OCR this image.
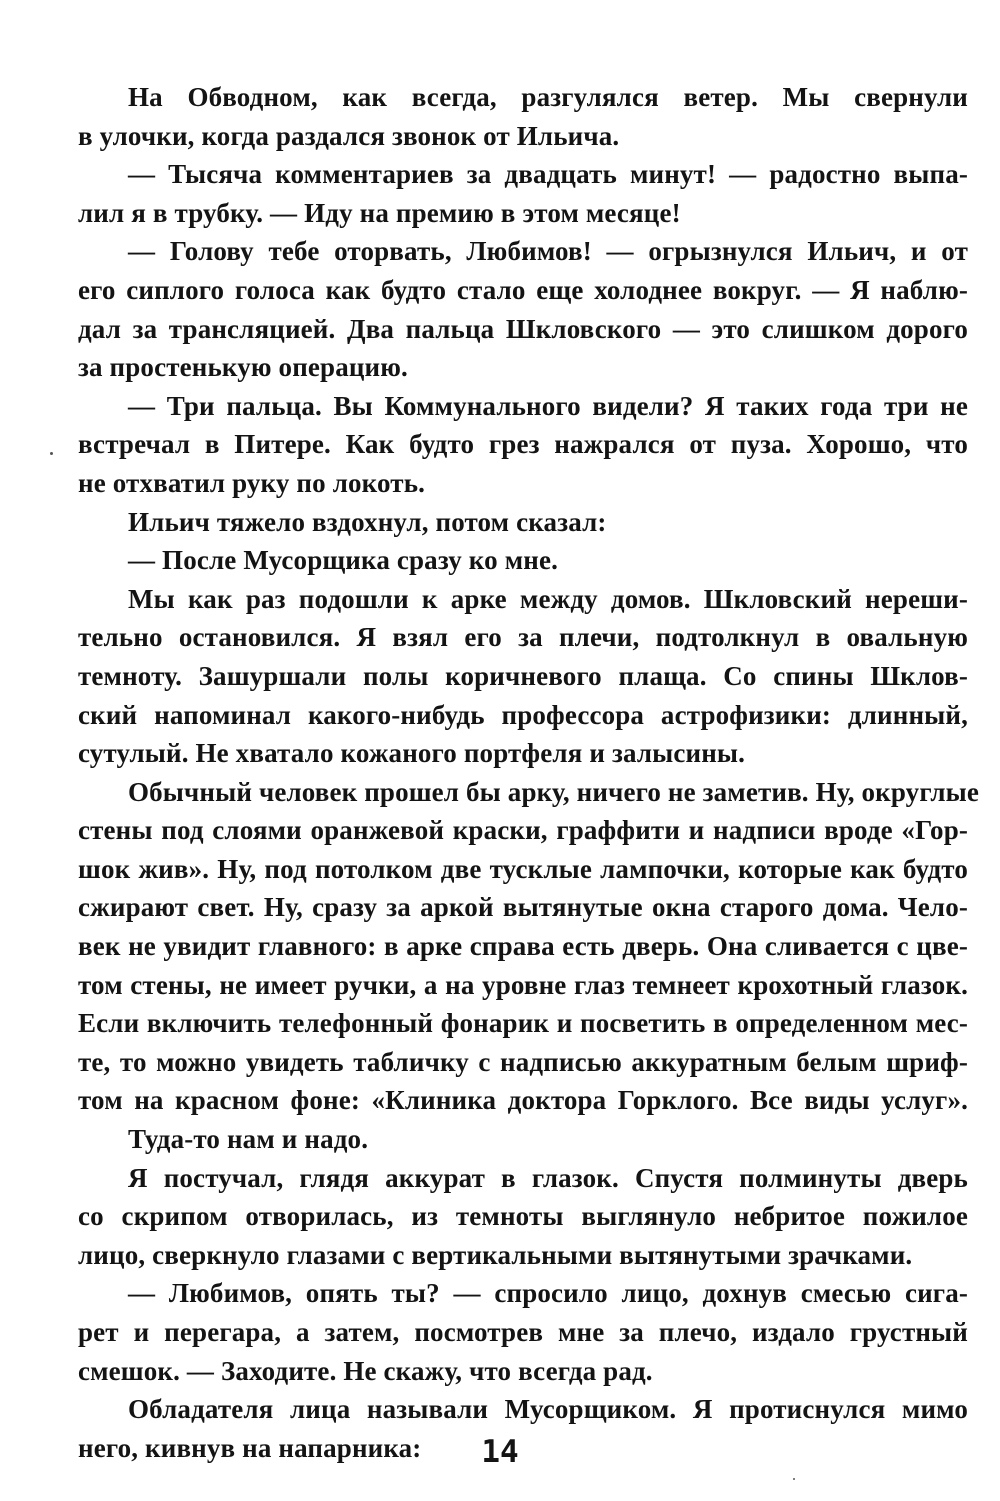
На Обводном, как всегда, разгулялся ветер. Мы свернули
в улочки, когда раздался звонок от Ильича.
— Тысяча комментариев за двадцать минут! — радостно выпа-
лил я в трубку. — Иду на премию в этом месяце!
— Голову тебе оторвать, Любимов! — огрызнулся Ильич, и от
его сиплого голоса как будто стало еще холоднее вокруг. — Я наблю-
дал за трансляцией. Два пальца Шкловского — это слишком дорого
за простенькую операцию.
— Три пальца. Вы Коммунального видели? Я таких года три не
встречал в Питере. Как будто грез нажрался от пуза. Хорошо, что
не отхватил руку по локоть.
Ильич тяжело вздохнул, потом сказал:
— После Мусорщика сразу ко мне.
Мы как раз подошли к арке между домов. Шкловский нереши-
тельно остановился. Я взял его за плечи, подтолкнул в овальную
темноту. Зашуршали полы коричневого плаща. Со спины Шклов-
ский напоминал какого-нибудь профессора астрофизики: длинный,
сутулый. Не хватало кожаного портфеля и залысины.
Обычный человек прошел бы арку, ничего не заметив. Ну, округлые
стены под слоями оранжевой краски, граффити и надписи вроде «Гор-
шок жив». Ну, под потолком две тусклые лампочки, которые как будто
сжирают свет. Ну, сразу за аркой вытянутые окна старого дома. Чело-
век не увидит главного: в арке справа есть дверь. Она сливается с цве-
том стены, не имеет ручки, а на уровне глаз темнеет крохотный глазок.
Если включить телефонный фонарик и посветить в определенном мес-
те, то можно увидеть табличку с надписью аккуратным белым шриф-
том на красном фоне: «Клиника доктора Горклого. Все виды услуг».
Туда-то нам и надо.
Я постучал, глядя аккурат в глазок. Спустя полминуты дверь
со скрипом отворилась, из темноты выглянуло небритое пожилое
лицо, сверкнуло глазами с вертикальными вытянутыми зрачками.
— Любимов, опять ты? — спросило лицо, дохнув смесью сига-
рет и перегара, а затем, посмотрев мне за плечо, издало грустный
смешок. — Заходите. Не скажу, что всегда рад.
Обладателя лица называли Мусорщиком. Я протиснулся мимо
него, кивнув на напарника:	14
